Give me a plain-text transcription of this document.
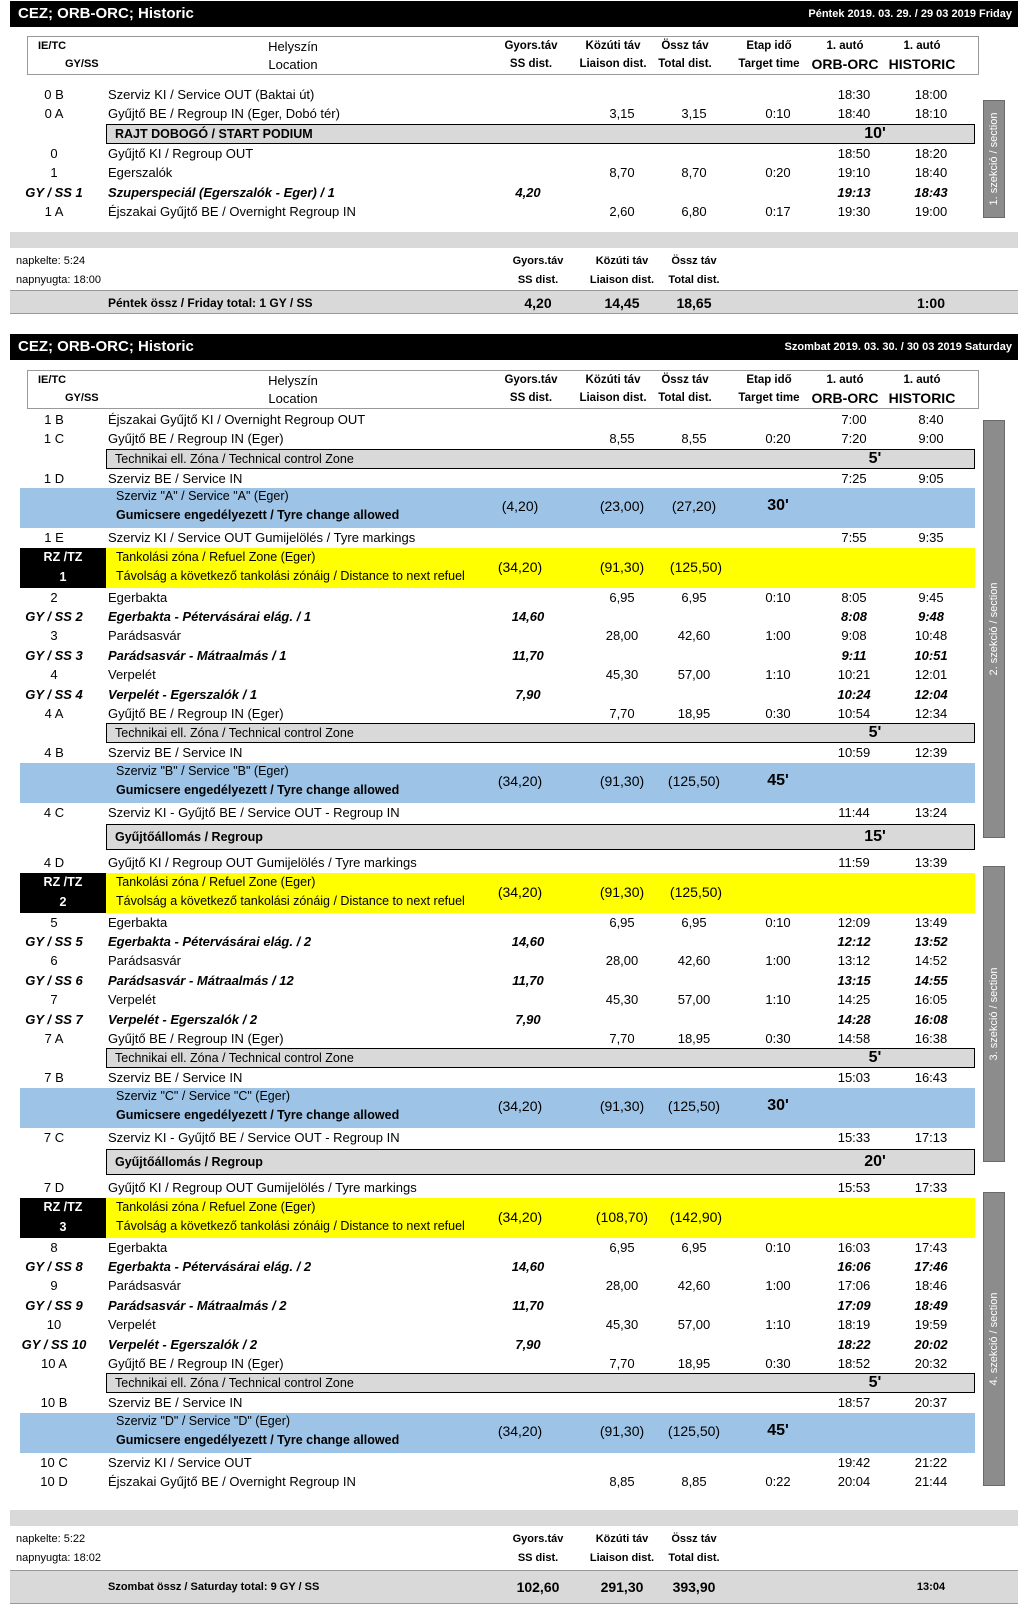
CEZ; ORB-ORC; Historic	Péntek 2019. 03. 29. / 29 03 2019 Friday
IE/TC
GY/SS
Helyszín
Location
Gyors.táv
SS dist.
Közúti táv
Liaison dist.
Össz táv
Total dist.
Etap idő
Target time
1. autó
ORB-ORC
1. autó
HISTORIC
0 B	Szerviz KI / Service OUT (Baktai út)	18:30	18:00
0 A	Gyűjtő BE / Regroup IN (Eger, Dobó tér)	3,15	3,15	0:10	18:40	18:10
RAJT DOBOGÓ / START PODIUM	10'
0	Gyűjtő KI / Regroup OUT	18:50	18:20
1	Egerszalók	8,70	8,70	0:20	19:10	18:40
GY / SS 1	Szuperspeciál (Egerszalók - Eger) / 1	4,20	19:13	18:43
1 A	Éjszakai Gyűjtő BE / Overnight Regroup IN	2,60	6,80	0:17	19:30	19:00
1. szekció / section
napkelte: 5:24
napnyugta: 18:00
Gyors.táv
SS dist.
Közúti táv
Liaison dist.
Össz táv
Total dist.
Péntek össz / Friday total: 1 GY / SS	4,20	14,45	18,65	1:00
CEZ; ORB-ORC; Historic	Szombat 2019. 03. 30. / 30 03 2019 Saturday
IE/TC
GY/SS
Helyszín
Location
Gyors.táv
SS dist.
Közúti táv
Liaison dist.
Össz táv
Total dist.
Etap idő
Target time
1. autó
ORB-ORC
1. autó
HISTORIC
1 B	Éjszakai Gyűjtő KI / Overnight Regroup OUT	7:00	8:40
1 C	Gyűjtő BE / Regroup IN (Eger)	8,55	8,55	0:20	7:20	9:00
Technikai ell. Zóna / Technical control Zone	5'
1 D	Szerviz BE / Service IN	7:25	9:05
Szerviz "A" / Service "A" (Eger)
Gumicsere engedélyezett / Tyre change allowed
(4,20)	(23,00)	(27,20)	30'
1 E	Szerviz KI / Service OUT Gumijelölés / Tyre markings	7:55	9:35
RZ /TZ
1
Tankolási zóna / Refuel Zone (Eger)
Távolság a következő tankolási zónáig / Distance to next refuel
(34,20)	(91,30)	(125,50)
2	Egerbakta	6,95	6,95	0:10	8:05	9:45
GY / SS 2	Egerbakta - Pétervásárai elág. / 1	14,60	8:08	9:48
3	Parádsasvár	28,00	42,60	1:00	9:08	10:48
GY / SS 3	Parádsasvár - Mátraalmás / 1	11,70	9:11	10:51
4	Verpelét	45,30	57,00	1:10	10:21	12:01
GY / SS 4	Verpelét - Egerszalók / 1	7,90	10:24	12:04
4 A	Gyűjtő BE / Regroup IN (Eger)	7,70	18,95	0:30	10:54	12:34
Technikai ell. Zóna / Technical control Zone	5'
4 B	Szerviz BE / Service IN	10:59	12:39
Szerviz "B" / Service "B" (Eger)
Gumicsere engedélyezett / Tyre change allowed
(34,20)	(91,30)	(125,50)	45'
4 C	Szerviz KI - Gyűjtő BE / Service OUT - Regroup IN	11:44	13:24
Gyűjtőállomás / Regroup	15'
4 D	Gyűjtő KI / Regroup OUT Gumijelölés / Tyre markings	11:59	13:39
RZ /TZ
2
Tankolási zóna / Refuel Zone (Eger)
Távolság a következő tankolási zónáig / Distance to next refuel
(34,20)	(91,30)	(125,50)
5	Egerbakta	6,95	6,95	0:10	12:09	13:49
GY / SS 5	Egerbakta - Pétervásárai elág. / 2	14,60	12:12	13:52
6	Parádsasvár	28,00	42,60	1:00	13:12	14:52
GY / SS 6	Parádsasvár - Mátraalmás / 12	11,70	13:15	14:55
7	Verpelét	45,30	57,00	1:10	14:25	16:05
GY / SS 7	Verpelét - Egerszalók / 2	7,90	14:28	16:08
7 A	Gyűjtő BE / Regroup IN (Eger)	7,70	18,95	0:30	14:58	16:38
Technikai ell. Zóna / Technical control Zone	5'
7 B	Szerviz BE / Service IN	15:03	16:43
Szerviz "C" / Service "C" (Eger)
Gumicsere engedélyezett / Tyre change allowed
(34,20)	(91,30)	(125,50)	30'
7 C	Szerviz KI - Gyűjtő BE / Service OUT - Regroup IN	15:33	17:13
Gyűjtőállomás / Regroup	20'
7 D	Gyűjtő KI / Regroup OUT Gumijelölés / Tyre markings	15:53	17:33
RZ /TZ
3
Tankolási zóna / Refuel Zone (Eger)
Távolság a következő tankolási zónáig / Distance to next refuel
(34,20)	(108,70)	(142,90)
8	Egerbakta	6,95	6,95	0:10	16:03	17:43
GY / SS 8	Egerbakta - Pétervásárai elág. / 2	14,60	16:06	17:46
9	Parádsasvár	28,00	42,60	1:00	17:06	18:46
GY / SS 9	Parádsasvár - Mátraalmás / 2	11,70	17:09	18:49
10	Verpelét	45,30	57,00	1:10	18:19	19:59
GY / SS 10	Verpelét - Egerszalók / 2	7,90	18:22	20:02
10 A	Gyűjtő BE / Regroup IN (Eger)	7,70	18,95	0:30	18:52	20:32
Technikai ell. Zóna / Technical control Zone	5'
10 B	Szerviz BE / Service IN	18:57	20:37
Szerviz "D" / Service "D" (Eger)
Gumicsere engedélyezett / Tyre change allowed
(34,20)	(91,30)	(125,50)	45'
10 C	Szerviz KI / Service OUT	19:42	21:22
10 D	Éjszakai Gyűjtő BE / Overnight Regroup IN	8,85	8,85	0:22	20:04	21:44
2. szekció / section
3. szekció / section
4. szekció / section
napkelte: 5:22
napnyugta: 18:02
Gyors.táv
SS dist.
Közúti táv
Liaison dist.
Össz táv
Total dist.
Szombat össz / Saturday total: 9 GY / SS	102,60	291,30	393,90	13:04
